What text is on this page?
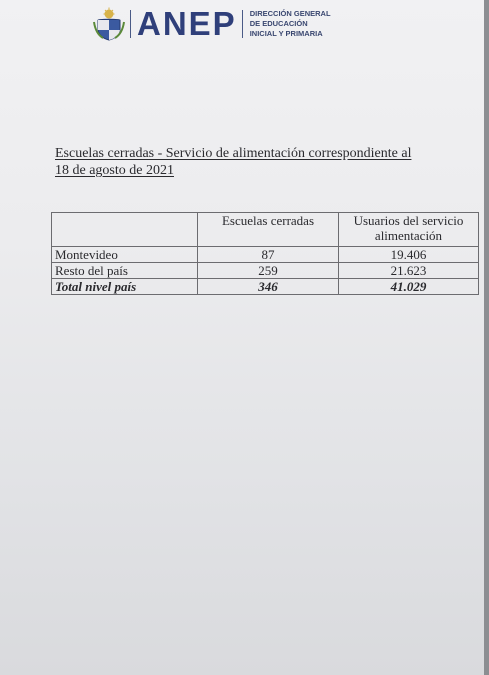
ANEP DIRECCIÓN GENERAL
DE EDUCACIÓN
INICIAL Y PRIMARIA
Escuelas cerradas - Servicio de alimentación correspondiente al
18 de agosto de 2021
	Escuelas cerradas	Usuarios del servicio alimentación
Montevideo	87	19.406
Resto del país	259	21.623
Total nivel país	346	41.029
